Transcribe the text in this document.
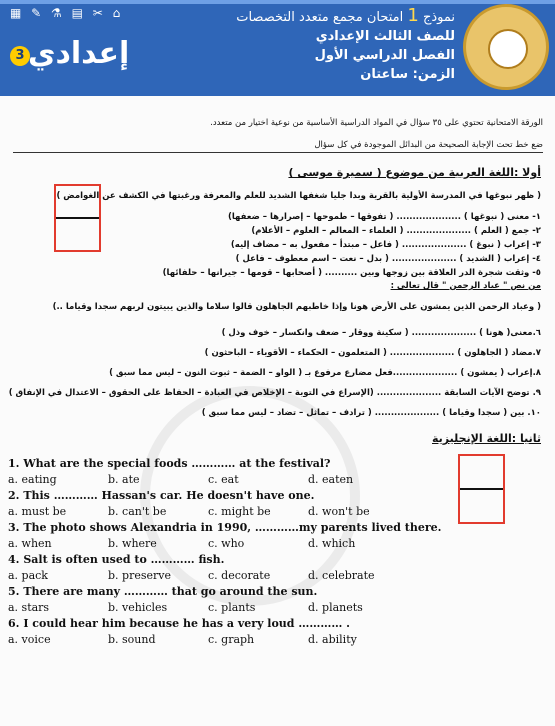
نموذج 1 امتحان مجمع متعدد التخصصات
للصف الثالث الإعدادي
الفصل الدراسي الأول
الزمن: ساعتان
▦ ✎ ⚗ ▤ ✂ ⌂
3 إعدادي
الورقة الامتحانية تحتوي على ٣٥ سؤال في المواد الدراسية الأساسية من نوعية اختيار من متعدد.
ضع خط تحت الإجابة الصحيحة من البدائل الموجودة في كل سؤال
أولا :اللغة العربية من موضوع ( سميرة موسى )
( ظهر نبوغها في المدرسة الأولية بالقرية وبدا جليا شغفها الشديد للعلم والمعرفة ورغبتها في الكشف عن الغوامض )
١- معنى ( نبوغها ) .................... ( تفوقها – طموحها – إصرارها – ضعفها)
٢- جمع ( العلم ) .................... ( العلماء – المعالم – العلوم – الأعلام)
٣- إعراب ( نبوغ ) .................... ( فاعل – مبتدأ – مفعول به – مضاف إليه)
٤- إعراب ( الشديد ) .................... ( بدل – نعت – اسم معطوف – فاعل )
٥- وثقت شجرة الدر العلاقة بين زوجها وبين .......... ( أصحابها – قومها – جيرانها – حلفائها)
من نص " عباد الرحمن " قال تعالى :
( وعباد الرحمن الذين يمشون على الأرض هونا وإذا خاطبهم الجاهلون قالوا سلاما والذين يبيتون لربهم سجدا وقياما ..)
٦.معنى( هونا ) .................... ( سكينة ووقار – ضعف وانكسار – خوف وذل )
٧.مضاد ( الجاهلون ) .................... ( المتعلمون – الحكماء – الأقوياء – الباحثون )
٨.إعراب ( يمشون ) ....................فعل مضارع مرفوع بـ ( الواو – الضمة – ثبوت النون – ليس مما سبق )
٩. توضح الآيات السابقة .................... (الإسراع في التوبة – الإخلاص في العبادة – الحفاظ على الحقوق – الاعتدال في الإنفاق )
١٠. بين ( سجدا وقياما ) .................... ( ترادف – تماثل – تضاد – ليس مما سبق )
ثانيا :اللغة الإنجليزية
1. What are the special foods ………… at the festival?
a. eating	b. ate	c. eat	d. eaten
2. This ………… Hassan's car. He doesn't have one.
a. must be	b. can't be	c. might be	d. won't be
3. The photo shows Alexandria in 1990, …………my parents lived there.
a. when	b. where	c. who	d. which
4. Salt is often used to ………… fish.
a. pack	b. preserve	c. decorate	d. celebrate
5. There are many ………… that go around the sun.
a. stars	b. vehicles	c. plants	d. planets
6. I could hear him because he has a very loud ………… .
a. voice	b. sound	c. graph	d. ability
